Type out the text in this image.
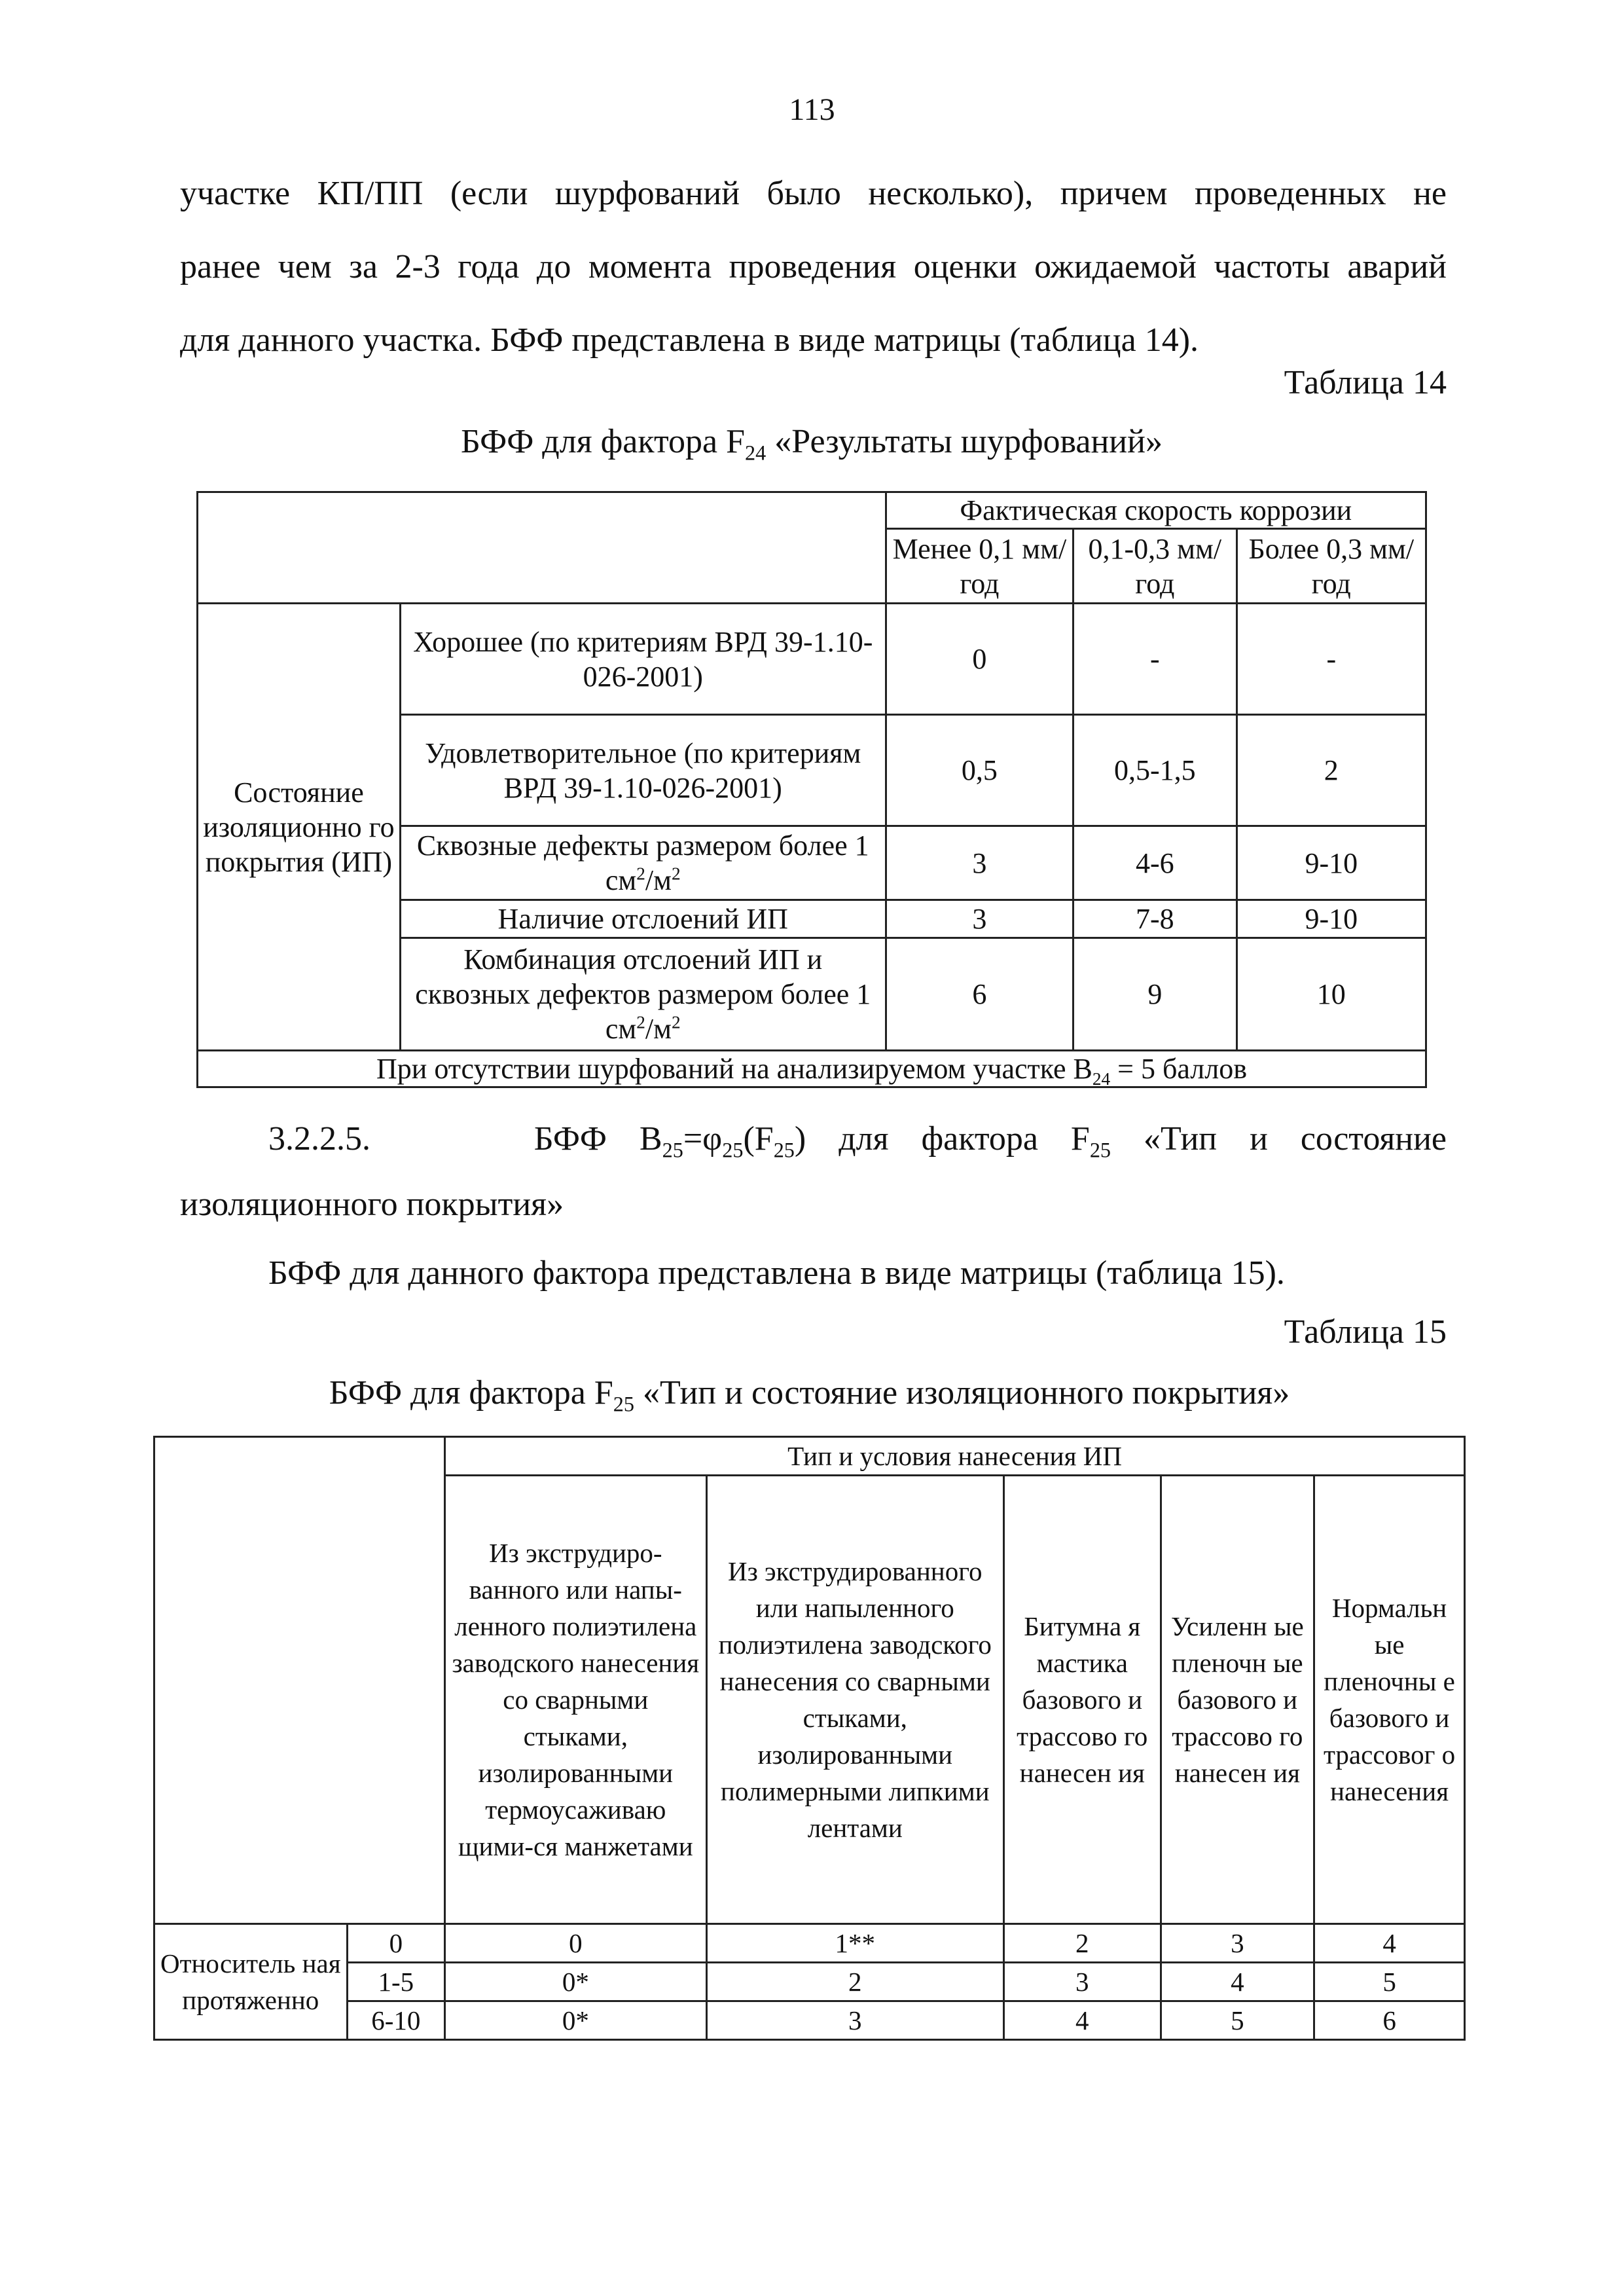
113

участке КП/ПП (если шурфований было несколько), причем проведенных не

ранее чем за 2-3 года до момента проведения оценки ожидаемой частоты аварий

для данного участка. БФФ представлена в виде матрицы (таблица 14).

Таблица 14
БФФ для фактора $F_{24}$ «Результаты шурфований»
		Фактическая скорость коррозии		
		Менее 0,1 мм/год	0,1-0,3 мм/год	Более 0,3 мм/год
Состояние изоляционно го покрытия (ИП)	Хорошее (по критериям ВРД 39-1.10-026-2001)	0	-	-
	Удовлетворительное (по критериям ВРД 39-1.10-026-2001)	0,5	0,5-1,5	2
	Сквозные дефекты размером более 1 $см^2/м^2$	3	4-6	9-10
	Наличие отслоений ИП	3	7-8	9-10
	Комбинация отслоений ИП и сквозных дефектов размером более 1 $см^2/м^2$	6	9	10
При отсутствии шурфований на анализируемом участке $B_{24} = 5$ баллов				
3.2.2.5.	БФФ $B_{25}=\varphi_{25}(F_{25})$ для фактора $F_{25}$ «Тип и состояние
изоляционного покрытия»
БФФ для данного фактора представлена в виде матрицы (таблица 15).
Таблица 15
БФФ для фактора $F_{25}$ «Тип и состояние изоляционного покрытия»
		Тип и условия нанесения ИП				
		Из экструдиро-ванного или напы-ленного полиэтилена заводского нанесения со сварными стыками, изолированными термоусаживаю щими-ся манжетами	Из экструдированного или напыленного полиэтилена заводского нанесения со сварными стыками, изолированными полимерными липкими лентами	Битумна я мастика базового и трассово го нанесен ия	Усиленн ые пленочн ые базового и трассово го нанесен ия	Нормальн ые пленочны е базового и трассовог о нанесения
Относитель ная протяженно	0	0	1**	2	3	4
	1-5	0*	2	3	4	5
	6-10	0*	3	4	5	6
